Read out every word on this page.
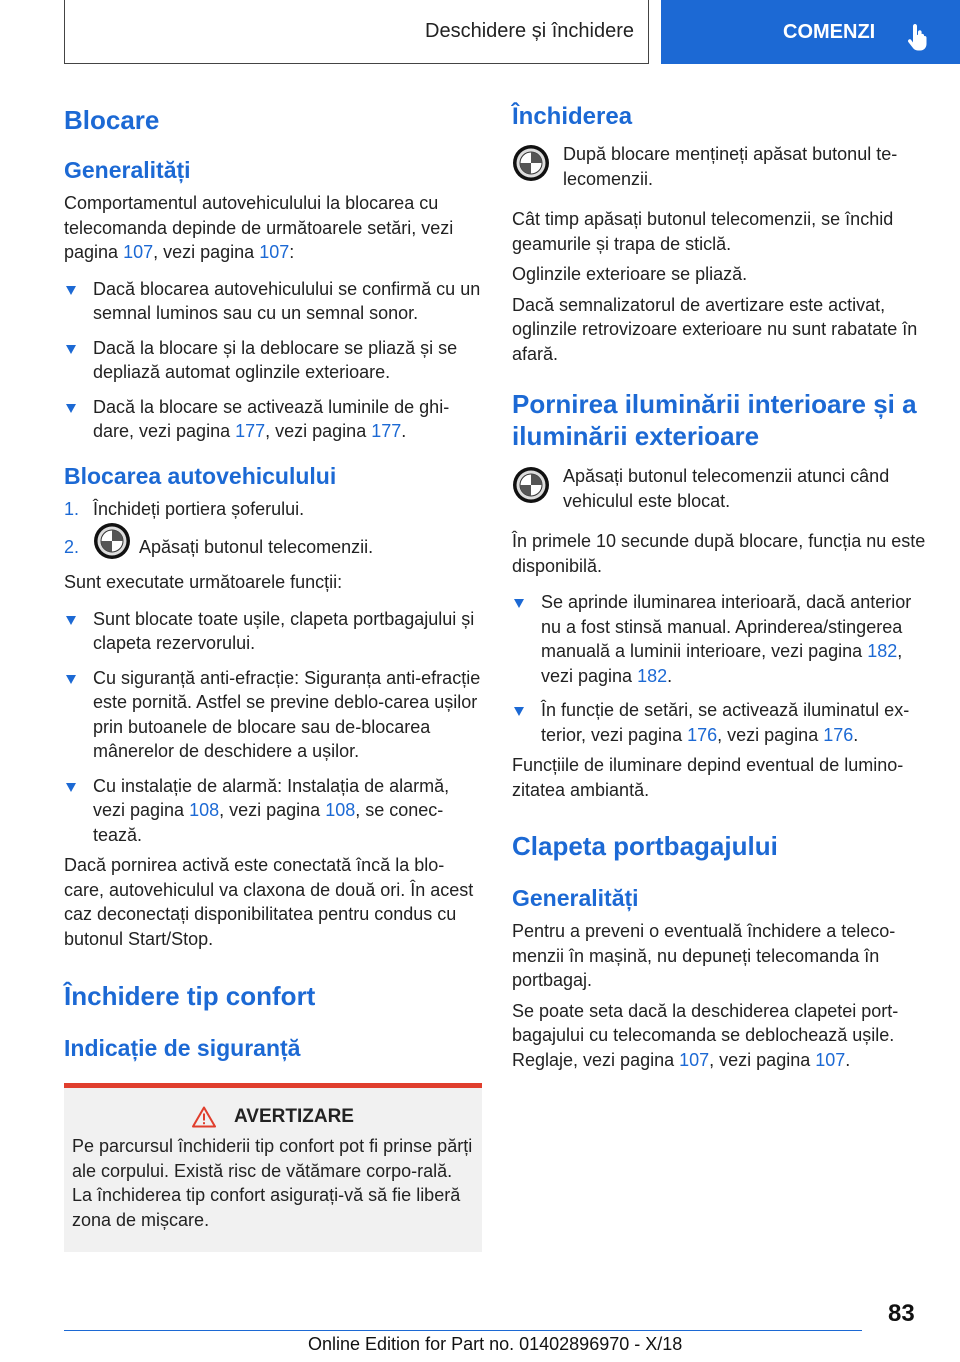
Deschidere și închidere	COMENZI
Blocare
Generalități

Comportamentul autovehiculului la blocarea cu telecomanda depinde de următoarele setări, vezi pagina 107, vezi pagina 107:

Dacă blocarea autovehiculului se confirmă cu un semnal luminos sau cu un semnal sonor.
Dacă la blocare și la deblocare se pliază și se depliază automat oglinzile exterioare.
Dacă la blocare se activează luminile de ghi-dare, vezi pagina 177, vezi pagina 177.
Blocarea autovehiculului
1. Închideți portiera șoferului.
2.	Apăsați butonul telecomenzii.

Sunt executate următoarele funcții:

Sunt blocate toate ușile, clapeta portbagajului și clapeta rezervorului.
Cu siguranță anti-efracție: Siguranța anti-efracție este pornită. Astfel se previne deblo-carea ușilor prin butoanele de blocare sau de-blocarea mânerelor de deschidere a ușilor.
Cu instalație de alarmă: Instalația de alarmă, vezi pagina 108, vezi pagina 108, se conec-tează.

Dacă pornirea activă este conectată încă la blo-care, autovehiculul va claxona de două ori. În acest caz deconectați disponibilitatea pentru condus cu butonul Start/Stop.

Închidere tip confort
Indicație de siguranță
AVERTIZARE

Pe parcursul închiderii tip confort pot fi prinse părți ale corpului. Există risc de vătămare corpo-rală. La închiderea tip confort asigurați-vă să fie liberă zona de mișcare.

Închiderea

După blocare mențineți apăsat butonul te-lecomenzii.

Cât timp apăsați butonul telecomenzii, se închid geamurile și trapa de sticlă.

Oglinzile exterioare se pliază.

Dacă semnalizatorul de avertizare este activat, oglinzile retrovizoare exterioare nu sunt rabatate în afară.

Pornirea iluminării interioare și a iluminării exterioare

Apăsați butonul telecomenzii atunci când vehiculul este blocat.

În primele 10 secunde după blocare, funcția nu este disponibilă.

Se aprinde iluminarea interioară, dacă anterior nu a fost stinsă manual. Aprinderea/stingerea manuală a luminii interioare, vezi pagina 182, vezi pagina 182.
În funcție de setări, se activează iluminatul ex-terior, vezi pagina 176, vezi pagina 176.

Funcțiile de iluminare depind eventual de lumino-zitatea ambiantă.

Clapeta portbagajului
Generalități

Pentru a preveni o eventuală închidere a teleco-menzii în mașină, nu depuneți telecomanda în portbagaj.

Se poate seta dacă la deschiderea clapetei port-bagajului cu telecomanda se deblochează ușile. Reglaje, vezi pagina 107, vezi pagina 107.

83
Online Edition for Part no. 01402896970 - X/18
